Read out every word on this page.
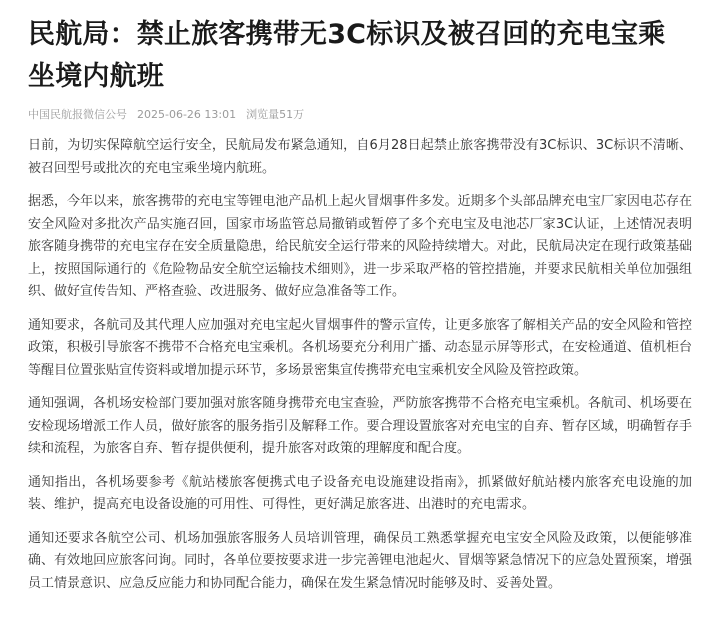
民航局：禁止旅客携带无3C标识及被召回的充电宝乘坐境内航班
中国民航报微信公号 2025-06-26 13:01 浏览量51万

日前，为切实保障航空运行安全，民航局发布紧急通知，自6月28日起禁止旅客携带没有3C标识、3C标识不清晰、被召回型号或批次的充电宝乘坐境内航班。

据悉，今年以来，旅客携带的充电宝等锂电池产品机上起火冒烟事件多发。近期多个头部品牌充电宝厂家因电芯存在安全风险对多批次产品实施召回，国家市场监管总局撤销或暂停了多个充电宝及电池芯厂家3C认证，上述情况表明旅客随身携带的充电宝存在安全质量隐患，给民航安全运行带来的风险持续增大。对此，民航局决定在现行政策基础上，按照国际通行的《危险物品安全航空运输技术细则》，进一步采取严格的管控措施，并要求民航相关单位加强组织、做好宣传告知、严格查验、改进服务、做好应急准备等工作。

通知要求，各航司及其代理人应加强对充电宝起火冒烟事件的警示宣传，让更多旅客了解相关产品的安全风险和管控政策，积极引导旅客不携带不合格充电宝乘机。各机场要充分利用广播、动态显示屏等形式，在安检通道、值机柜台等醒目位置张贴宣传资料或增加提示环节，多场景密集宣传携带充电宝乘机安全风险及管控政策。

通知强调，各机场安检部门要加强对旅客随身携带充电宝查验，严防旅客携带不合格充电宝乘机。各航司、机场要在安检现场增派工作人员，做好旅客的服务指引及解释工作。要合理设置旅客对充电宝的自弃、暂存区域，明确暂存手续和流程，为旅客自弃、暂存提供便利，提升旅客对政策的理解度和配合度。

通知指出，各机场要参考《航站楼旅客便携式电子设备充电设施建设指南》，抓紧做好航站楼内旅客充电设施的加装、维护，提高充电设备设施的可用性、可得性，更好满足旅客进、出港时的充电需求。

通知还要求各航空公司、机场加强旅客服务人员培训管理，确保员工熟悉掌握充电宝安全风险及政策，以便能够准确、有效地回应旅客问询。同时，各单位要按要求进一步完善锂电池起火、冒烟等紧急情况下的应急处置预案，增强员工情景意识、应急反应能力和协同配合能力，确保在发生紧急情况时能够及时、妥善处置。
